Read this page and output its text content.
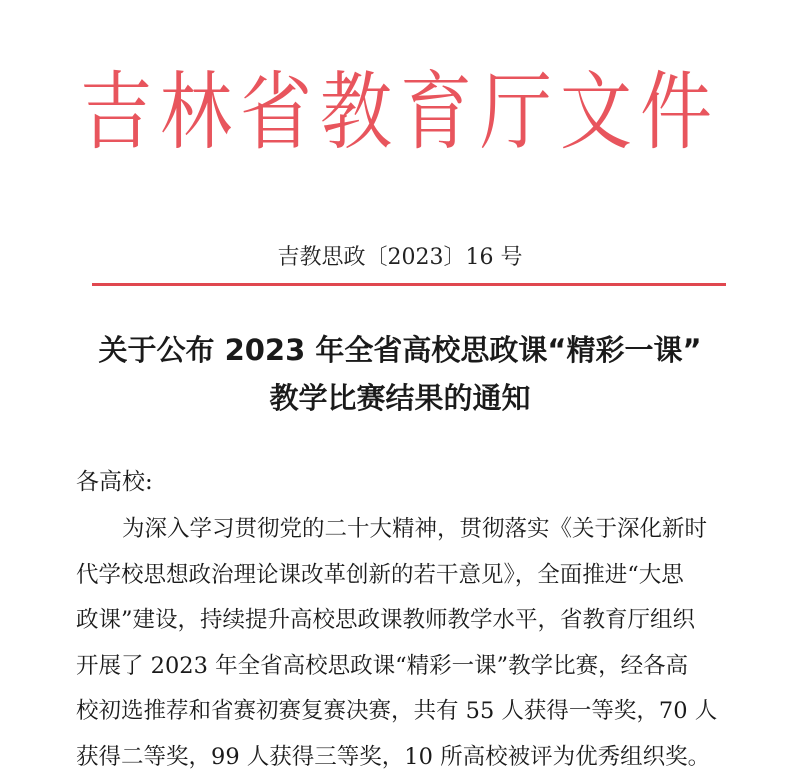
吉林省教育厅文件
吉教思政〔2023〕16 号
关于公布 2023 年全省高校思政课“精彩一课”
教学比赛结果的通知
各高校:
为深入学习贯彻党的二十大精神，贯彻落实《关于深化新时
代学校思想政治理论课改革创新的若干意见》，全面推进“大思
政课”建设，持续提升高校思政课教师教学水平，省教育厅组织
开展了 2023 年全省高校思政课“精彩一课”教学比赛，经各高
校初选推荐和省赛初赛复赛决赛，共有 55 人获得一等奖，70 人
获得二等奖，99 人获得三等奖，10 所高校被评为优秀组织奖。
